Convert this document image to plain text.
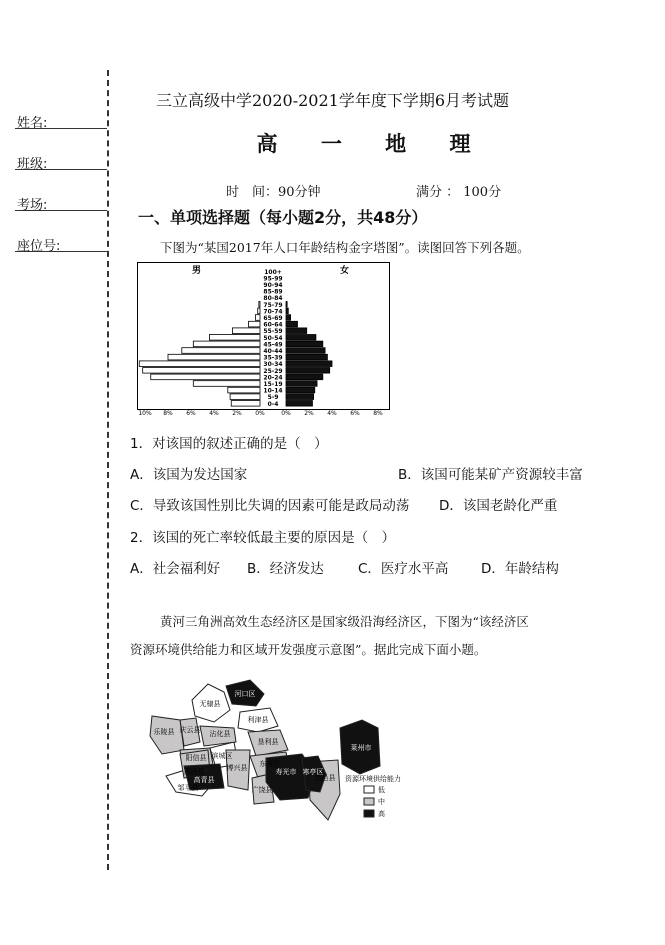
姓名:
班级:
考场:
座位号:
三立高级中学2020-2021学年度下学期6月考试题
高 一 地 理
时　间：90分钟	满分 ： 100分
一、单项选择题（每小题2分，共48分）
下图为“某国2017年人口年龄结构金字塔图”。读图回答下列各题。
男	女
100+
95-99
90-94
85-89
80-84
75-79
70-74
65-69
60-64
55-59
50-54
45-49
40-44
35-39
30-34
25-29
20-24
15-19
10-14
5-9
0-4
10% 8% 6% 4% 2% 0%	0% 2% 4% 6% 8%
1．对该国的叙述正确的是（　）
A．该国为发达国家	B．该国可能某矿产资源较丰富
C．导致该国性别比失调的因素可能是政局动荡 D．该国老龄化严重
2．该国的死亡率较低最主要的原因是（　）
A．社会福利好 B．经济发达	C．医疗水平高 D．年龄结构
黄河三角洲高效生态经济区是国家级沿海经济区，下图为“该经济区
资源环境供给能力和区域开发强度示意图”。据此完成下面小题。
河口区
无棣县
庆云县 沾化县
利津县
乐陵县
阳信县
垦利县
滨城区
东营区
惠民县	博兴县
高青县
广饶县
寿光市 寒亭区
昌邑县
莱州市
邹平县
资源环境供给能力
低
中
高
